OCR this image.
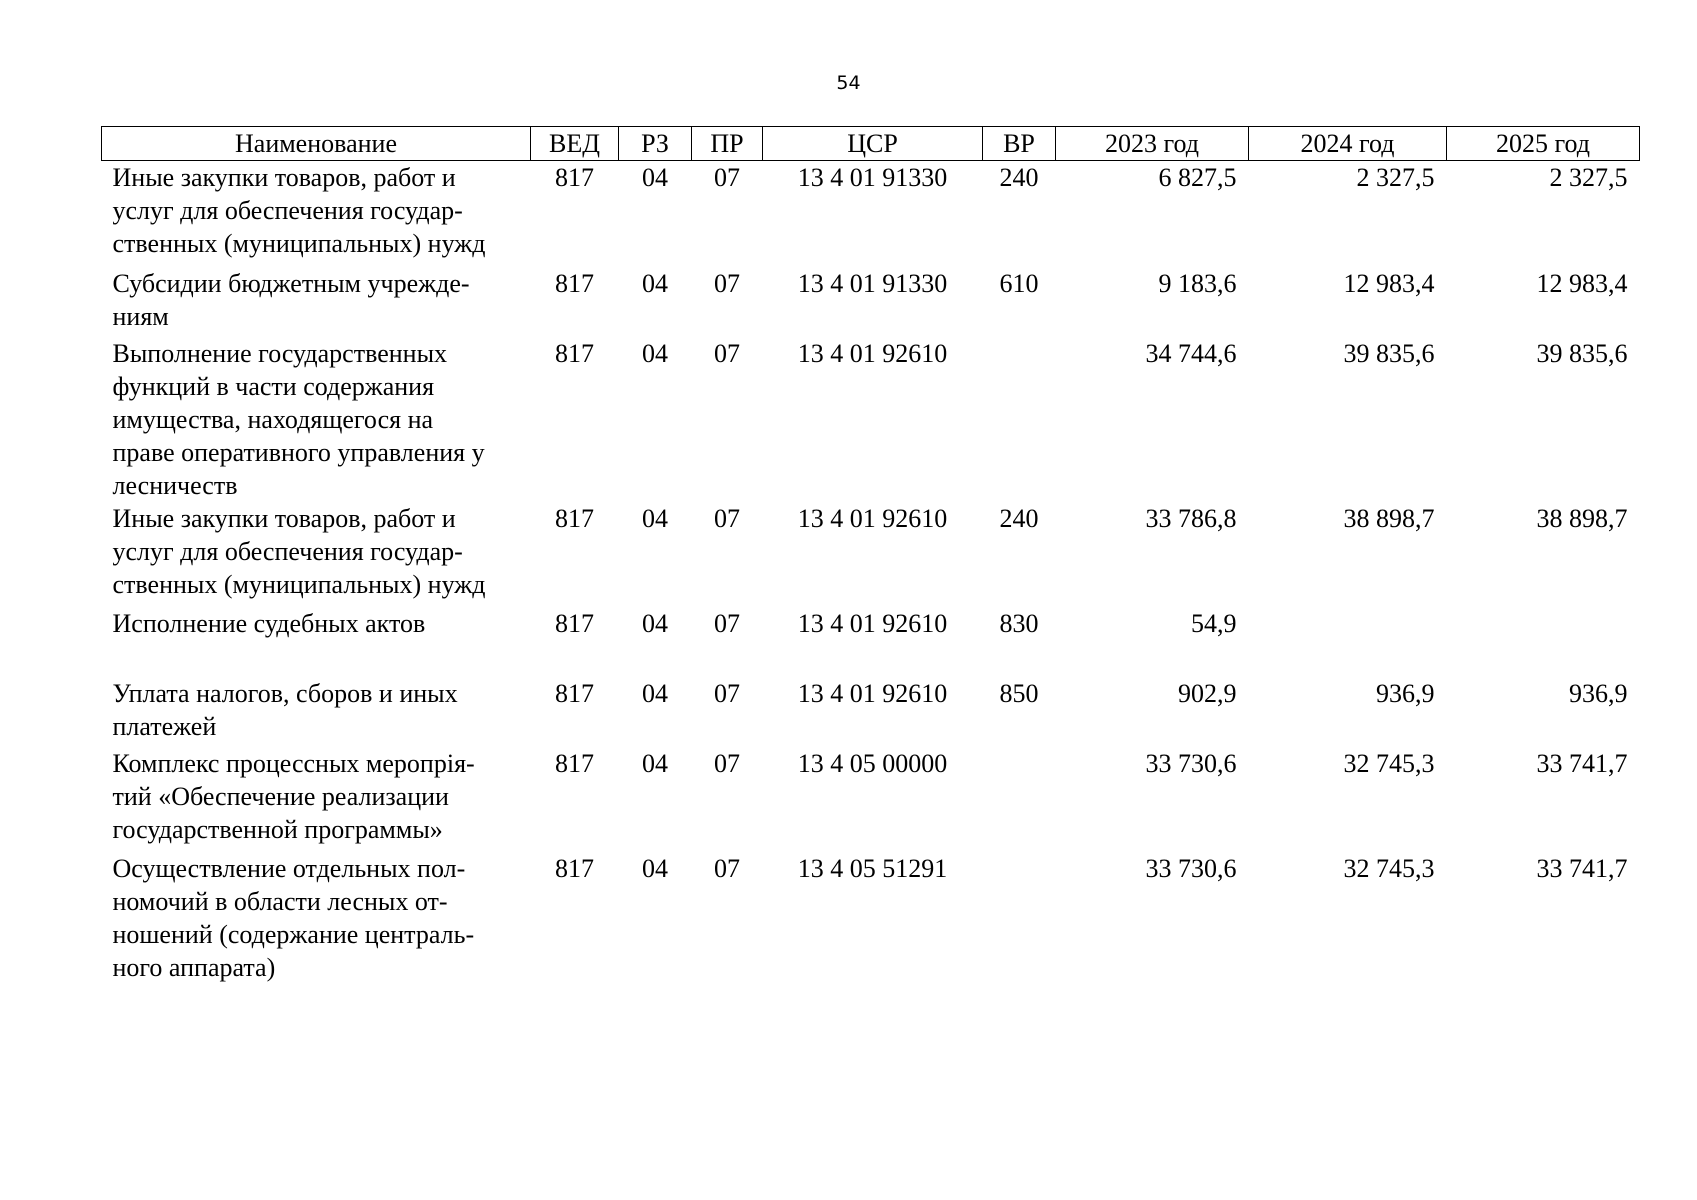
54
Наименование	ВЕД	РЗ	ПР	ЦСР	ВР	2023 год	2024 год	2025 год

Иные закупки товаров, работ и
услуг для обеспечения государ-
ственных (муниципальных) нужд	817	04	07	13 4 01 91330	240	6 827,5	2 327,5	2 327,5

Субсидии бюджетным учрежде-
ниям	817	04	07	13 4 01 91330	610	9 183,6	12 983,4	12 983,4

Выполнение государственных
функций в части содержания
имущества, находящегося на
праве оперативного управления у
лесничеств	817	04	07	13 4 01 92610		34 744,6	39 835,6	39 835,6

Иные закупки товаров, работ и
услуг для обеспечения государ-
ственных (муниципальных) нужд	817	04	07	13 4 01 92610	240	33 786,8	38 898,7	38 898,7

Исполнение судебных актов	817	04	07	13 4 01 92610	830	54,9		

Уплата налогов, сборов и иных
платежей	817	04	07	13 4 01 92610	850	902,9	936,9	936,9

Комплекс процессных меропрія-
тий «Обеспечение реализации
государственной программы»	817	04	07	13 4 05 00000		33 730,6	32 745,3	33 741,7

Осуществление отдельных пол-
номочий в области лесных от-
ношений (содержание централь-
ного аппарата)	817	04	07	13 4 05 51291		33 730,6	32 745,3	33 741,7
